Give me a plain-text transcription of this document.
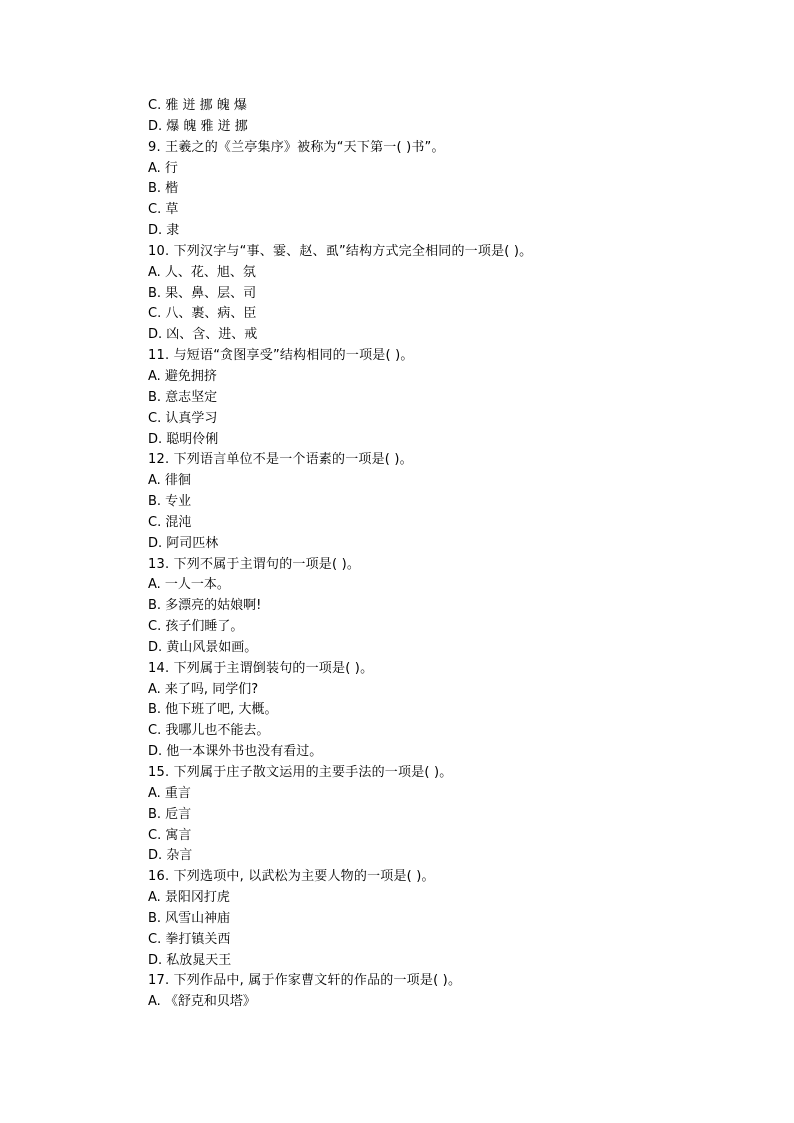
C. 雅 迸 挪 魄 爆
D. 爆 魄 雅 迸 挪
9. 王羲之的《兰亭集序》被称为“天下第一( )书”。
A. 行
B. 楷
C. 草
D. 隶
10. 下列汉字与“事、霎、赵、虱”结构方式完全相同的一项是( )。
A. 人、花、旭、氛
B. 果、鼻、层、司
C. 八、裹、病、臣
D. 凶、含、进、戒
11. 与短语“贪图享受”结构相同的一项是( )。
A. 避免拥挤
B. 意志坚定
C. 认真学习
D. 聪明伶俐
12. 下列语言单位不是一个语素的一项是( )。
A. 徘徊
B. 专业
C. 混沌
D. 阿司匹林
13. 下列不属于主谓句的一项是( )。
A. 一人一本。
B. 多漂亮的姑娘啊!
C. 孩子们睡了。
D. 黄山风景如画。
14. 下列属于主谓倒装句的一项是( )。
A. 来了吗, 同学们?
B. 他下班了吧, 大概。
C. 我哪儿也不能去。
D. 他一本课外书也没有看过。
15. 下列属于庄子散文运用的主要手法的一项是( )。
A. 重言
B. 卮言
C. 寓言
D. 杂言
16. 下列选项中, 以武松为主要人物的一项是( )。
A. 景阳冈打虎
B. 风雪山神庙
C. 拳打镇关西
D. 私放晁天王
17. 下列作品中, 属于作家曹文轩的作品的一项是( )。
A. 《舒克和贝塔》
